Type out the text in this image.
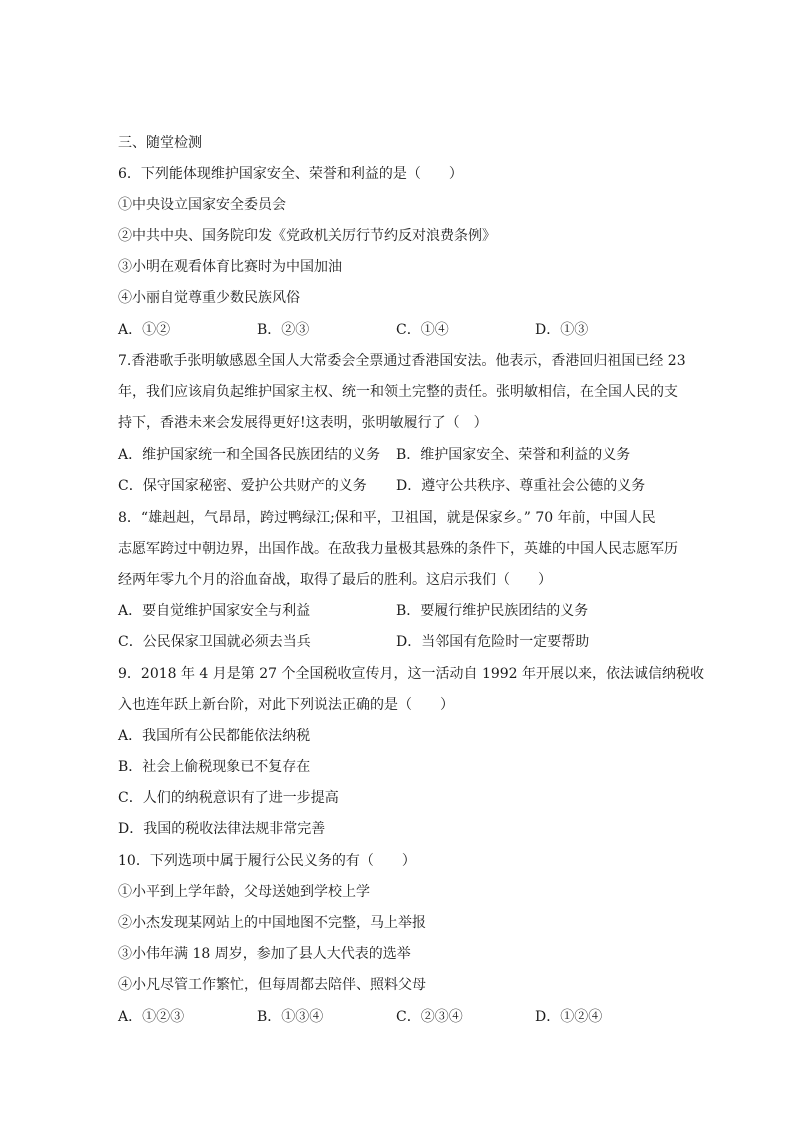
三、随堂检测
6．下列能体现维护国家安全、荣誉和利益的是（　　）
①中央设立国家安全委员会
②中共中央、国务院印发《党政机关厉行节约反对浪费条例》
③小明在观看体育比赛时为中国加油
④小丽自觉尊重少数民族风俗
A．①②	B．②③	C．①④	D．①③
7.香港歌手张明敏感恩全国人大常委会全票通过香港国安法。他表示，香港回归祖国已经 23
年，我们应该肩负起维护国家主权、统一和领土完整的责任。张明敏相信，在全国人民的支
持下，香港未来会发展得更好!这表明，张明敏履行了（　）
A．维护国家统一和全国各民族团结的义务 B．维护国家安全、荣誉和利益的义务
C．保守国家秘密、爱护公共财产的义务 D．遵守公共秩序、尊重社会公德的义务
8．“雄赳赳，气昂昂，跨过鸭绿江;保和平，卫祖国，就是保家乡。” 70 年前，中国人民
志愿军跨过中朝边界，出国作战。在敌我力量极其悬殊的条件下，英雄的中国人民志愿军历
经两年零九个月的浴血奋战，取得了最后的胜利。这启示我们（　　）
A．要自觉维护国家安全与利益	B．要履行维护民族团结的义务
C．公民保家卫国就必须去当兵	D．当邻国有危险时一定要帮助
9．2018 年 4 月是第 27 个全国税收宣传月，这一活动自 1992 年开展以来，依法诚信纳税收
入也连年跃上新台阶，对此下列说法正确的是（　　）
A．我国所有公民都能依法纳税
B．社会上偷税现象已不复存在
C．人们的纳税意识有了进一步提高
D．我国的税收法律法规非常完善
10．下列选项中属于履行公民义务的有（　　）
①小平到上学年龄，父母送她到学校上学
②小杰发现某网站上的中国地图不完整，马上举报
③小伟年满 18 周岁，参加了县人大代表的选举
④小凡尽管工作繁忙，但每周都去陪伴、照料父母
A．①②③	B．①③④	C．②③④	D．①②④
